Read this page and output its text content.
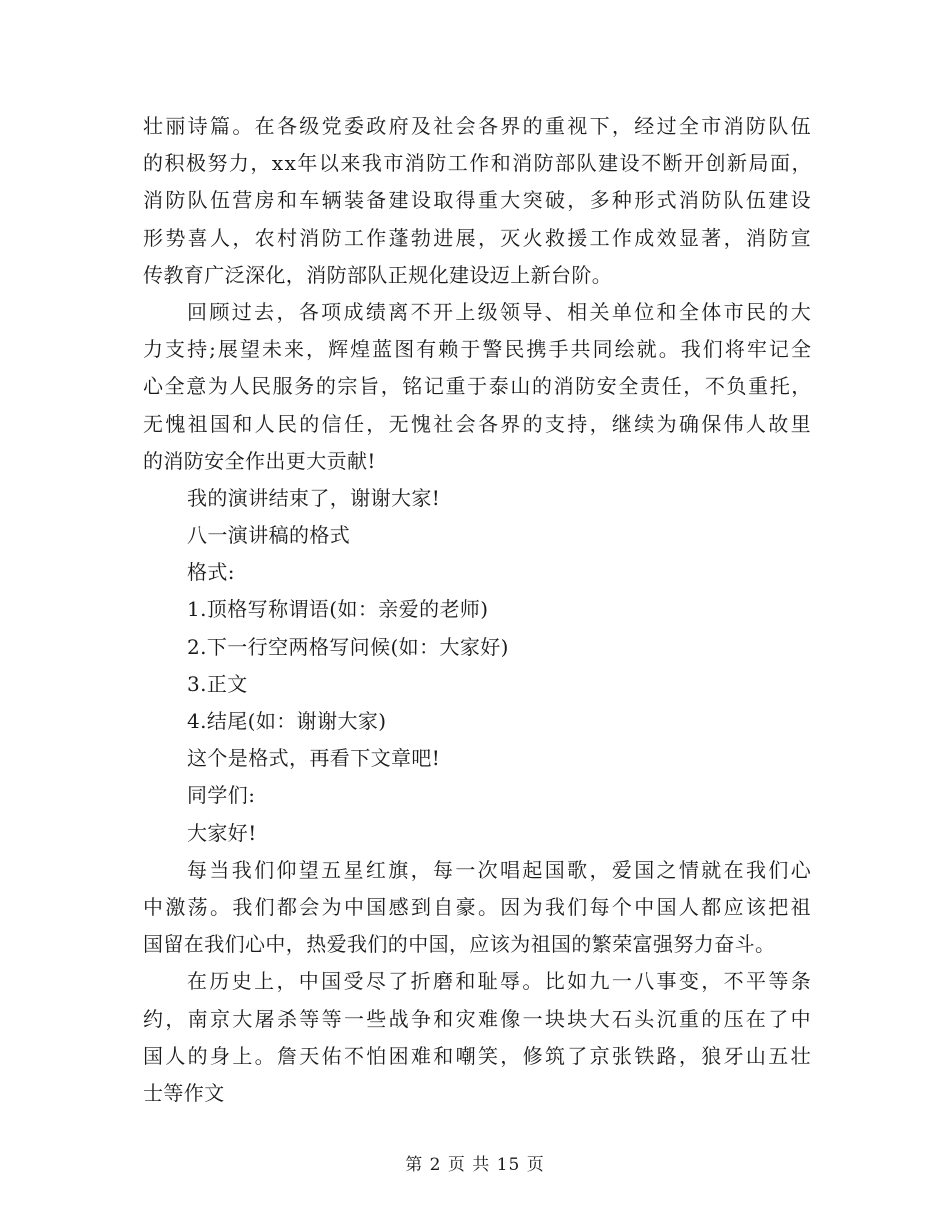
壮丽诗篇。在各级党委政府及社会各界的重视下，经过全市消防队伍
的积极努力，xx年以来我市消防工作和消防部队建设不断开创新局面，
消防队伍营房和车辆装备建设取得重大突破，多种形式消防队伍建设
形势喜人，农村消防工作蓬勃进展，灭火救援工作成效显著，消防宣
传教育广泛深化，消防部队正规化建设迈上新台阶。
回顾过去，各项成绩离不开上级领导、相关单位和全体市民的大
力支持;展望未来，辉煌蓝图有赖于警民携手共同绘就。我们将牢记全
心全意为人民服务的宗旨，铭记重于泰山的消防安全责任，不负重托，
无愧祖国和人民的信任，无愧社会各界的支持，继续为确保伟人故里
的消防安全作出更大贡献!
我的演讲结束了，谢谢大家!
八一演讲稿的格式
格式:
1.顶格写称谓语(如：亲爱的老师)
2.下一行空两格写问候(如：大家好)
3.正文
4.结尾(如：谢谢大家)
这个是格式，再看下文章吧!
同学们:
大家好!
每当我们仰望五星红旗，每一次唱起国歌，爱国之情就在我们心
中激荡。我们都会为中国感到自豪。因为我们每个中国人都应该把祖
国留在我们心中，热爱我们的中国，应该为祖国的繁荣富强努力奋斗。
在历史上，中国受尽了折磨和耻辱。比如九一八事变，不平等条
约，南京大屠杀等等一些战争和灾难像一块块大石头沉重的压在了中
国人的身上。詹天佑不怕困难和嘲笑，修筑了京张铁路，狼牙山五壮
士等作文
第 2 页 共 15 页
